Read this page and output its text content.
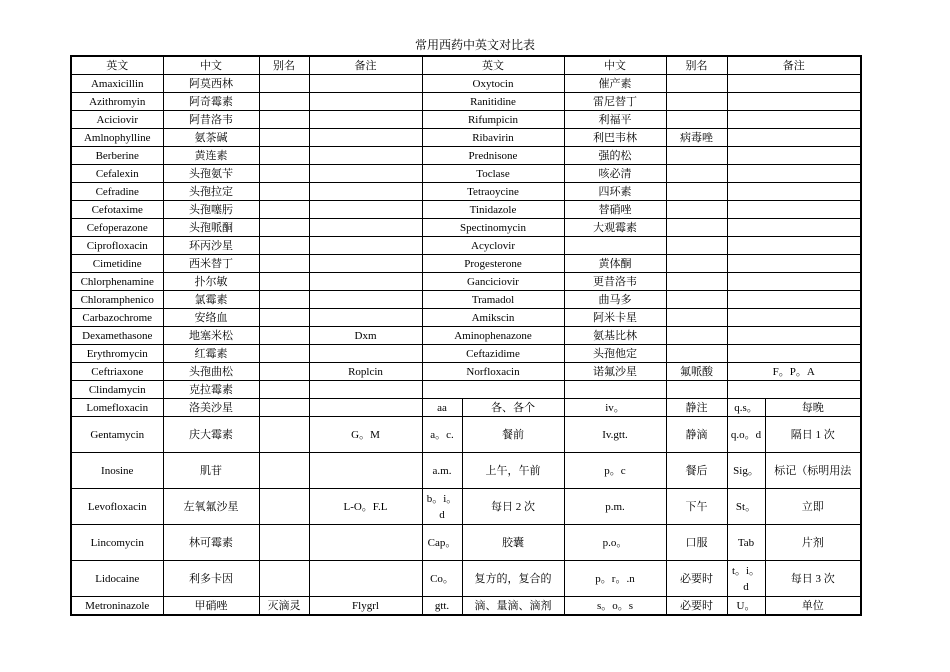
常用西药中英文对比表
英文	中文	别名	备注	英文		中文	别名	备注	
Amaxicillin	阿莫西林			Oxytocin		催产素			
Azithromyin	阿奇霉素			Ranitidine		雷尼替丁			
Aciciovir	阿昔洛韦			Rifumpicin		利福平			
Amlnophylline	氨茶碱			Ribavirin		利巴韦林	病毒唑		
Berberine	黄连素			Prednisone		强的松			
Cefalexin	头孢氨苄			Toclase		咳必清			
Cefradine	头孢拉定			Tetraoycine		四环素			
Cefotaxime	头孢噻肟			Tinidazole		替硝唑			
Cefoperazone	头孢哌酮			Spectinomycin		大观霉素			
Ciprofloxacin	环丙沙星			Acyclovir					
Cimetidine	西米替丁			Progesterone		黄体酮			
Chlorphenamine	扑尔敏			Ganciciovir		更昔洛韦			
Chloramphenico	氯霉素			Tramadol		曲马多			
Carbazochrome	安络血			Amikscin		阿米卡星			
Dexamethasone	地塞米松		Dxm	Aminophenazone		氨基比林			
Erythromycin	红霉素			Ceftazidime		头孢他定			
Ceftriaxone	头孢曲松		Roplcin	Norfloxacin		诺氟沙星	氟哌酸	F。P。A	
Clindamycin	克拉霉素								
Lomefloxacin	洛美沙星			aa	各、各个	iv。	静注	q.s。	每晚
Gentamycin	庆大霉素		G。M	a。c.	餐前	Iv.gtt.	静滴	q.o。d	隔日 1 次
Inosine	肌苷			a.m.	上午，午前	p。c	餐后	Sig。	标记（标明用法
Levofloxacin	左氧氟沙星		L-O。F.L	b。i。d	每日 2 次	p.m.	下午	St。	立即
Lincomycin	林可霉素			Cap。	胶囊	p.o。	口服	Tab	片剂
Lidocaine	利多卡因			Co。	复方的，复合的	p。r。.n	必要时	t。i。d	每日 3 次
Metroninazole	甲硝唑	灭滴灵	Flygrl	gtt.	滴、量滴、滴剂	s。o。s	必要时	U。	单位
